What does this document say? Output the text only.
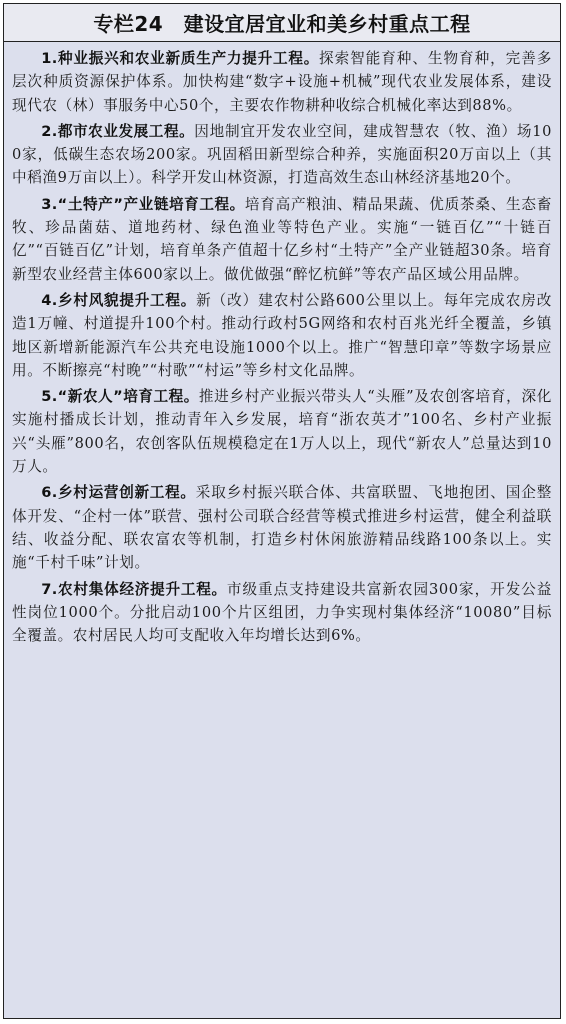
专栏24　建设宜居宜业和美乡村重点工程

1.种业振兴和农业新质生产力提升工程。探索智能育种、生物育种，完善多层次种质资源保护体系。加快构建“数字+设施+机械”现代农业发展体系，建设现代农（林）事服务中心50个，主要农作物耕种收综合机械化率达到88%。

2.都市农业发展工程。因地制宜开发农业空间，建成智慧农（牧、渔）场100家，低碳生态农场200家。巩固稻田新型综合种养，实施面积20万亩以上（其中稻渔9万亩以上）。科学开发山林资源，打造高效生态山林经济基地20个。

3.“土特产”产业链培育工程。培育高产粮油、精品果蔬、优质茶桑、生态畜牧、珍品菌菇、道地药材、绿色渔业等特色产业。实施“一链百亿”“十链百亿”“百链百亿”计划，培育单条产值超十亿乡村“土特产”全产业链超30条。培育新型农业经营主体600家以上。做优做强“醉忆杭鲜”等农产品区域公用品牌。

4.乡村风貌提升工程。新（改）建农村公路600公里以上。每年完成农房改造1万幢、村道提升100个村。推动行政村5G网络和农村百兆光纤全覆盖，乡镇地区新增新能源汽车公共充电设施1000个以上。推广“智慧印章”等数字场景应用。不断擦亮“村晚”“村歌”“村运”等乡村文化品牌。

5.“新农人”培育工程。推进乡村产业振兴带头人“头雁”及农创客培育，深化实施村播成长计划，推动青年入乡发展，培育“浙农英才”100名、乡村产业振兴“头雁”800名，农创客队伍规模稳定在1万人以上，现代“新农人”总量达到10万人。

6.乡村运营创新工程。采取乡村振兴联合体、共富联盟、飞地抱团、国企整体开发、“企村一体”联营、强村公司联合经营等模式推进乡村运营，健全利益联结、收益分配、联农富农等机制，打造乡村休闲旅游精品线路100条以上。实施“千村千味”计划。

7.农村集体经济提升工程。市级重点支持建设共富新农园300家，开发公益性岗位1000个。分批启动100个片区组团，力争实现村集体经济“10080”目标全覆盖。农村居民人均可支配收入年均增长达到6%。
